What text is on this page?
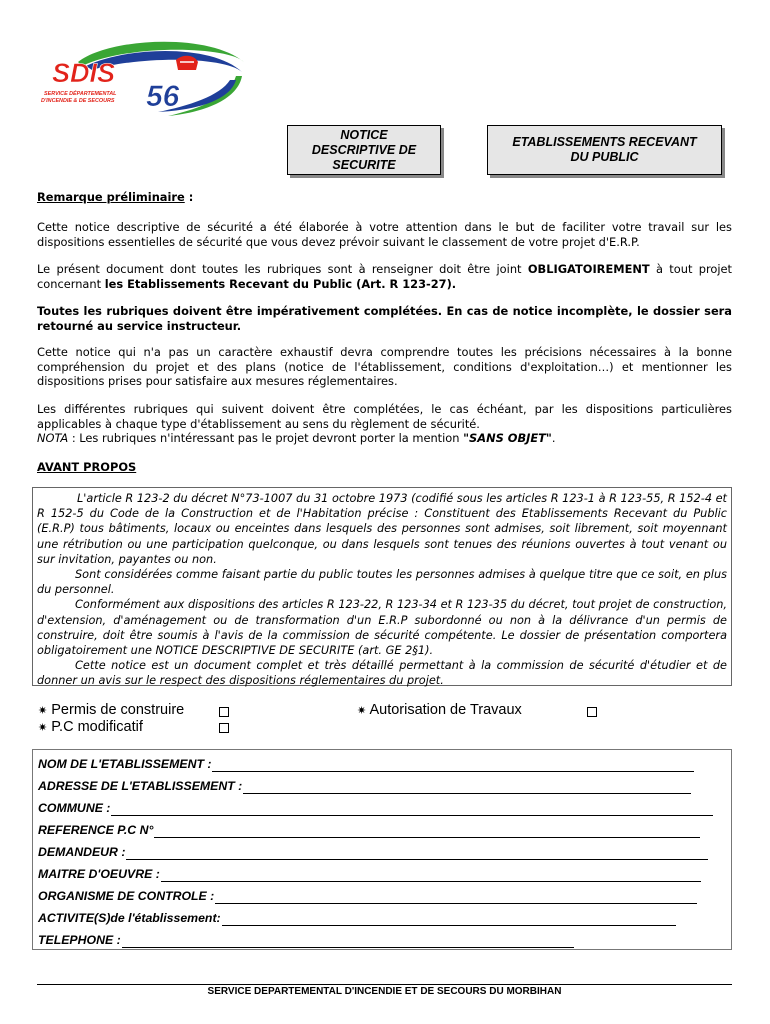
SDIS
56
SERVICE DÉPARTEMENTAL
D'INCENDIE & DE SECOURS
NOTICE
DESCRIPTIVE DE
SECURITE
ETABLISSEMENTS RECEVANT
DU PUBLIC
Remarque préliminaire :
Cette notice descriptive de sécurité a été élaborée à votre attention dans le but de faciliter votre travail sur les dispositions essentielles de sécurité que vous devez prévoir suivant le classement de votre projet d'E.R.P.
Le présent document dont toutes les rubriques sont à renseigner doit être joint OBLIGATOIREMENT à tout projet concernant les Etablissements Recevant du Public (Art. R 123-27).
Toutes les rubriques doivent être impérativement complétées. En cas de notice incomplète, le dossier sera retourné au service instructeur.
Cette notice qui n'a pas un caractère exhaustif devra comprendre toutes les précisions nécessaires à la bonne compréhension du projet et des plans (notice de l'établissement, conditions d'exploitation…) et mentionner les dispositions prises pour satisfaire aux mesures réglementaires.
Les différentes rubriques qui suivent doivent être complétées, le cas échéant, par les dispositions particulières applicables à chaque type d'établissement au sens du règlement de sécurité.
NOTA : Les rubriques n'intéressant pas le projet devront porter la mention "SANS OBJET".
AVANT PROPOS

L'article R 123-2 du décret N°73-1007 du 31 octobre 1973 (codifié sous les articles R 123-1 à R 123-55, R 152-4 et R 152-5 du Code de la Construction et de l'Habitation précise : Constituent des Etablissements Recevant du Public (E.R.P) tous bâtiments, locaux ou enceintes dans lesquels des personnes sont admises, soit librement, soit moyennant une rétribution ou une participation quelconque, ou dans lesquels sont tenues des réunions ouvertes à tout venant ou sur invitation, payantes ou non.

Sont considérées comme faisant partie du public toutes les personnes admises à quelque titre que ce soit, en plus du personnel.

Conformément aux dispositions des articles R 123-22, R 123-34 et R 123-35 du décret, tout projet de construction, d'extension, d'aménagement ou de transformation d'un E.R.P subordonné ou non à la délivrance d'un permis de construire, doit être soumis à l'avis de la commission de sécurité compétente. Le dossier de présentation comportera obligatoirement une NOTICE DESCRIPTIVE DE SECURITE (art. GE 2§1).

Cette notice est un document complet et très détaillé permettant à la commission de sécurité d'étudier et de donner un avis sur le respect des dispositions réglementaires du projet.

✷ Permis de construire
✷ P.C modificatif
✷ Autorisation de Travaux
NOM DE L'ETABLISSEMENT :
ADRESSE DE L'ETABLISSEMENT :
COMMUNE :
REFERENCE P.C N°
DEMANDEUR :
MAITRE D'OEUVRE :
ORGANISME DE CONTROLE :
ACTIVITE(S)de l'établissement:
TELEPHONE :
SERVICE DEPARTEMENTAL D'INCENDIE ET DE SECOURS DU MORBIHAN
